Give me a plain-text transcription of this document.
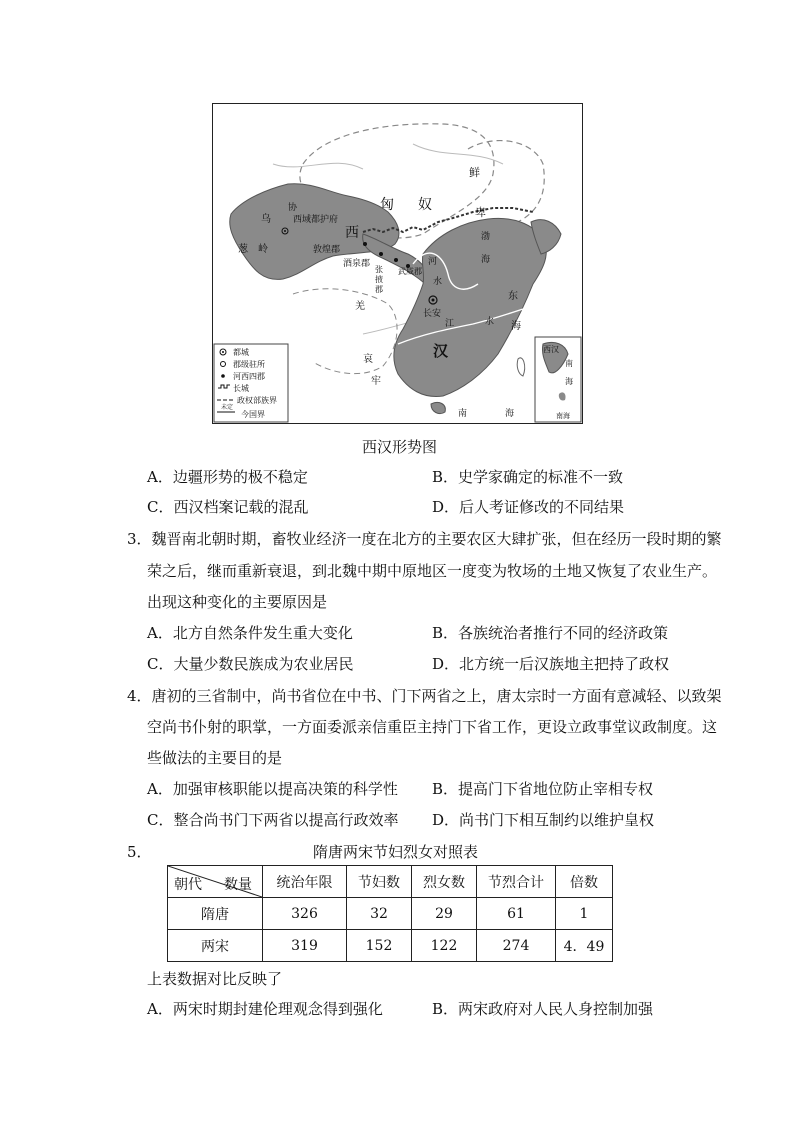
匈 奴
鲜
卑
西
汉
乌
协
葱 岭
西域都护府
敦煌郡
酒泉郡
张
掖
郡
武威郡
长安
河
水
江	水
渤
海
东
海
羌
哀
牢
南	海
都城
郡级驻所
河西四郡
长城
政权部族界
今国界
未定
西汉
南
海
南海
西汉形势图
A．边疆形势的极不稳定	B．史学家确定的标准不一致
C．西汉档案记载的混乱	D．后人考证修改的不同结果
3．魏晋南北朝时期，畜牧业经济一度在北方的主要农区大肆扩张，但在经历一段时期的繁
荣之后，继而重新衰退，到北魏中期中原地区一度变为牧场的土地又恢复了农业生产。
出现这种变化的主要原因是
A．北方自然条件发生重大变化	B．各族统治者推行不同的经济政策
C．大量少数民族成为农业居民	D．北方统一后汉族地主把持了政权
4．唐初的三省制中，尚书省位在中书、门下两省之上，唐太宗时一方面有意减轻、以致架
空尚书仆射的职掌，一方面委派亲信重臣主持门下省工作，更设立政事堂议政制度。这
些做法的主要目的是
A．加强审核职能以提高决策的科学性 B．提高门下省地位防止宰相专权
C．整合尚书门下两省以提高行政效率 D．尚书门下相互制约以维护皇权
5．	隋唐两宋节妇烈女对照表
朝代 数量	统治年限	节妇数	烈女数	节烈合计	倍数
隋唐	326	32	29	61	1
两宋	319	152	122	274	4．49
上表数据对比反映了
A．两宋时期封建伦理观念得到强化	B．两宋政府对人民人身控制加强
